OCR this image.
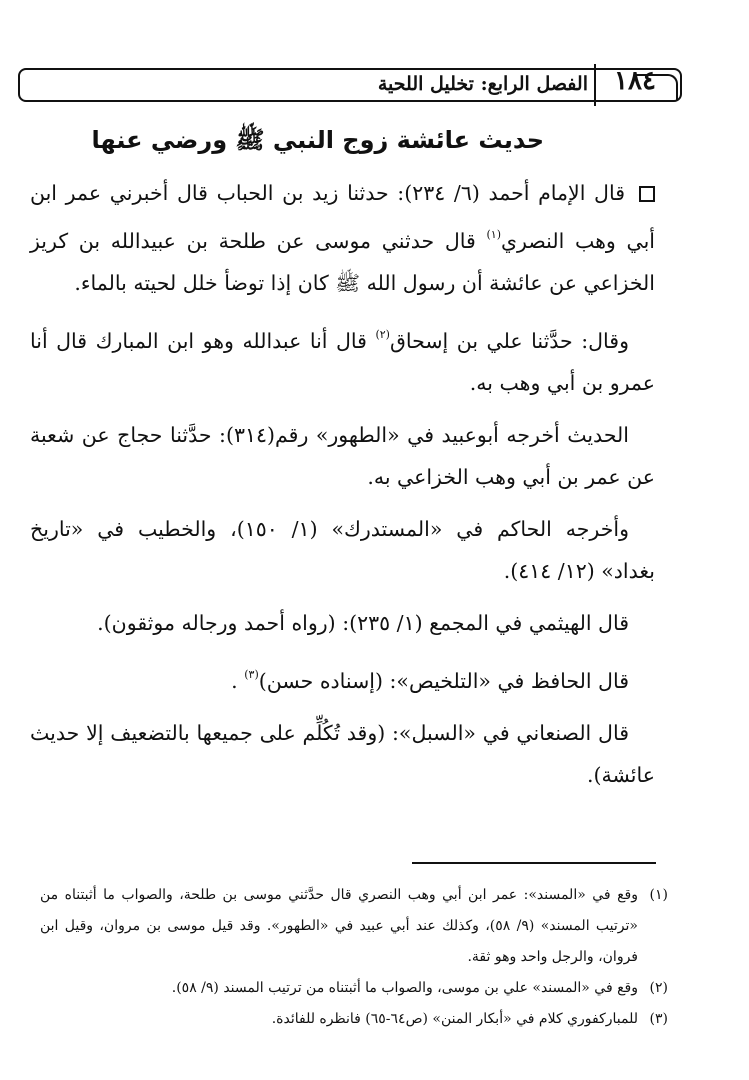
الفصل الرابع: تخليل اللحية	١٨٤
حديث عائشة زوج النبي ﷺ ورضي عنها

قال الإمام أحمد (٦/ ٢٣٤): حدثنا زيد بن الحباب قال أخبرني عمر ابن أبي وهب النصري$^{(١)}$ قال حدثني موسى عن طلحة بن عبيدالله بن كريز الخزاعي عن عائشة أن رسول الله ﷺ كان إذا توضأ خلل لحيته بالماء.

وقال: حدَّثنا علي بن إسحاق$^{(٢)}$ قال أنا عبدالله وهو ابن المبارك قال أنا عمرو بن أبي وهب به.

الحديث أخرجه أبوعبيد في «الطهور» رقم(٣١٤): حدَّثنا حجاج عن شعبة عن عمر بن أبي وهب الخزاعي به.

وأخرجه الحاكم في «المستدرك» (١/ ١٥٠)، والخطيب في «تاريخ بغداد» (١٢/ ٤١٤).

قال الهيثمي في المجمع (١/ ٢٣٥): (رواه أحمد ورجاله موثقون).

قال الحافظ في «التلخيص»: (إسناده حسن)$^{(٣)}$ .

قال الصنعاني في «السبل»: (وقد تُكُلِّم على جميعها بالتضعيف إلا حديث عائشة).

(١)
وقع في «المسند»: عمر ابن أبي وهب النصري قال حدَّثني موسى بن طلحة، والصواب ما أثبتناه من «ترتيب المسند» (٩/ ٥٨)، وكذلك عند أبي عبيد في «الطهور». وقد قيل موسى بن مروان، وقيل ابن فروان، والرجل واحد وهو ثقة.
(٢)
وقع في «المسند» علي بن موسى، والصواب ما أثبتناه من ترتيب المسند (٩/ ٥٨).
(٣)
للمباركفوري كلام في «أبكار المنن» (ص٦٤-٦٥) فانظره للفائدة.
